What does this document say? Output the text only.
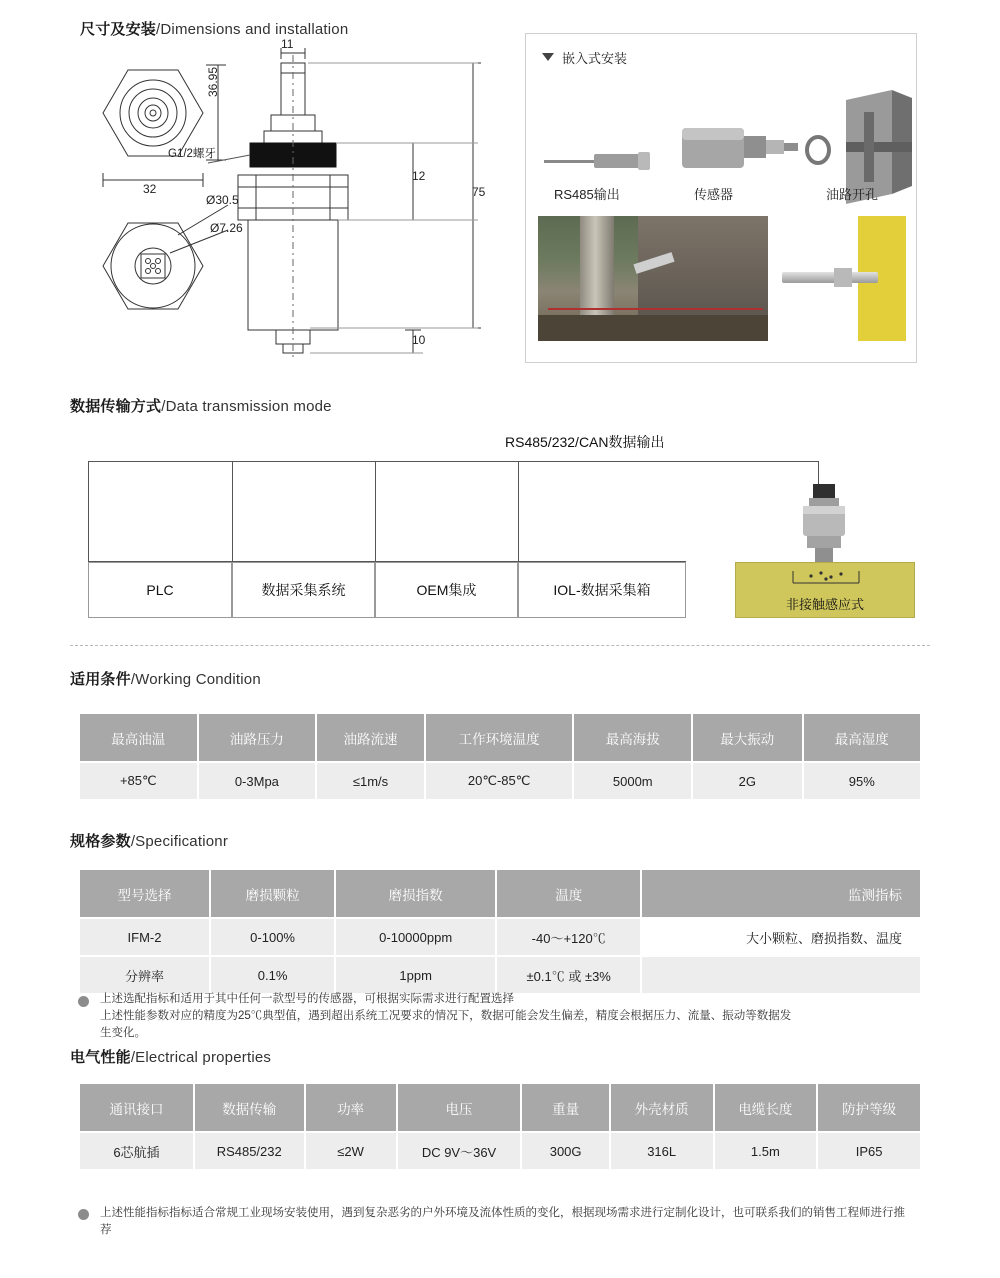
尺寸及安装/Dimensions and installation

11
36.95
32
12
75
10
G1/2螺牙
Ø30.5
Ø7.26
嵌入式安装
RS485输出	传感器	油路开孔
数据传输方式/Data transmission mode
RS485/232/CAN数据输出
PLC	数据采集系统	OEM集成	IOL-数据采集箱
非接触感应式
适用条件/Working Condition
最高油温	油路压力	油路流速	工作环境温度	最高海拔	最大振动	最高湿度
+85℃	0-3Mpa	≤1m/s	20℃-85℃	5000m	2G	95%
规格参数/Specificationr
型号选择	磨损颗粒	磨损指数	温度	监测指标
IFM-2	0-100%	0-10000ppm	-40～+120℃	大小颗粒、磨损指数、温度
分辨率	0.1%	1ppm	±0.1℃ 或 ±3%	
上述选配指标和适用于其中任何一款型号的传感器，可根据实际需求进行配置选择
上述性能参数对应的精度为25℃典型值，遇到超出系统工况要求的情况下，数据可能会发生偏差，精度会根据压力、流量、振动等数据发生变化。
电气性能/Electrical properties
通讯接口	数据传输	功率	电压	重量	外壳材质	电缆长度	防护等级
6芯航插	RS485/232	≤2W	DC 9V～36V	300G	316L	1.5m	IP65
上述性能指标指标适合常规工业现场安装使用，遇到复杂恶劣的户外环境及流体性质的变化，根据现场需求进行定制化设计，也可联系我们的销售工程师进行推荐
